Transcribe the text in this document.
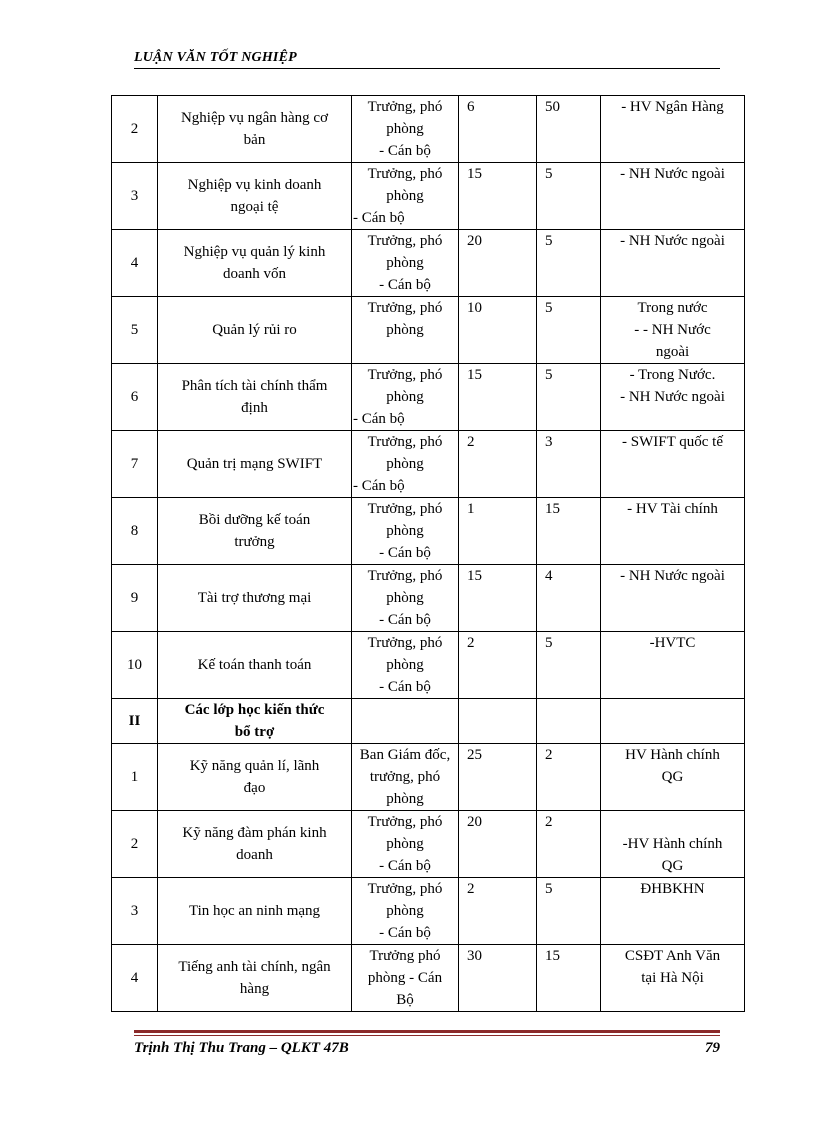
LUẬN VĂN TỐT NGHIỆP
2	Nghiệp vụ ngân hàng cơ
bản	Trưởng, phó
phòng
- Cán bộ	6	50	- HV Ngân Hàng

3	Nghiệp vụ kinh doanh
ngoại tệ	Trưởng, phó
phòng
- Cán bộ	15	5	- NH Nước ngoài

4	Nghiệp vụ quản lý kinh
doanh vốn	Trưởng, phó
phòng
- Cán bộ	20	5	- NH Nước ngoài

5	Quản lý rủi ro	Trưởng, phó
phòng	10	5	Trong nước
- - NH Nước
ngoài

6	Phân tích tài chính thẩm
định	Trưởng, phó
phòng
- Cán bộ	15	5	- Trong Nước.
- NH Nước ngoài

7	Quản trị mạng SWIFT	Trưởng, phó
phòng
- Cán bộ	2	3	- SWIFT quốc tế

8	Bồi dưỡng kế toán
trưởng	Trưởng, phó
phòng
- Cán bộ	1	15	- HV Tài chính

9	Tài trợ thương mại	Trưởng, phó
phòng
- Cán bộ	15	4	- NH Nước ngoài

10	Kế toán thanh toán	Trưởng, phó
phòng
- Cán bộ	2	5	-HVTC

II	Các lớp học kiến thức
bổ trợ				

1	Kỹ năng quản lí, lãnh
đạo	Ban Giám đốc,
trưởng, phó
phòng	25	2	HV Hành chính
QG

2	Kỹ năng đàm phán kinh
doanh	Trưởng, phó
phòng
- Cán bộ	20	2	-HV Hành chính
QG

3	Tin học an ninh mạng	Trưởng, phó
phòng
- Cán bộ	2	5	ĐHBKHN

4	Tiếng anh tài chính, ngân
hàng	Trưởng phó
phòng - Cán
Bộ	30	15	CSĐT Anh Văn
tại Hà Nội
Trịnh Thị Thu Trang – QLKT 47B	79
